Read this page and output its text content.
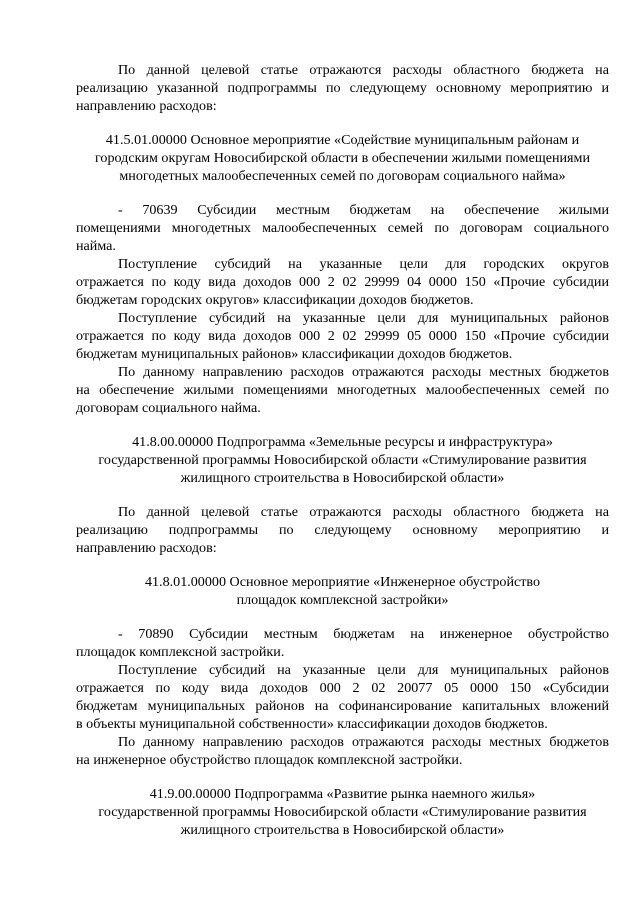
По данной целевой статье отражаются расходы областного бюджета на
реализацию указанной подпрограммы по следующему основному мероприятию и
направлению расходов:
41.5.01.00000 Основное мероприятие «Содействие муниципальным районам и
городским округам Новосибирской области в обеспечении жилыми помещениями
многодетных малообеспеченных семей по договорам социального найма»
- 70639 Субсидии местным бюджетам на обеспечение жилыми
помещениями многодетных малообеспеченных семей по договорам социального
найма.
Поступление субсидий на указанные цели для городских округов
отражается по коду вида доходов 000 2 02 29999 04 0000 150 «Прочие субсидии
бюджетам городских округов» классификации доходов бюджетов.
Поступление субсидий на указанные цели для муниципальных районов
отражается по коду вида доходов 000 2 02 29999 05 0000 150 «Прочие субсидии
бюджетам муниципальных районов» классификации доходов бюджетов.
По данному направлению расходов отражаются расходы местных бюджетов
на обеспечение жилыми помещениями многодетных малообеспеченных семей по
договорам социального найма.
41.8.00.00000 Подпрограмма «Земельные ресурсы и инфраструктура»
государственной программы Новосибирской области «Стимулирование развития
жилищного строительства в Новосибирской области»
По данной целевой статье отражаются расходы областного бюджета на
реализацию подпрограммы по следующему основному мероприятию и
направлению расходов:
41.8.01.00000 Основное мероприятие «Инженерное обустройство
площадок комплексной застройки»
- 70890 Субсидии местным бюджетам на инженерное обустройство
площадок комплексной застройки.
Поступление субсидий на указанные цели для муниципальных районов
отражается по коду вида доходов 000 2 02 20077 05 0000 150 «Субсидии
бюджетам муниципальных районов на софинансирование капитальных вложений
в объекты муниципальной собственности» классификации доходов бюджетов.
По данному направлению расходов отражаются расходы местных бюджетов
на инженерное обустройство площадок комплексной застройки.
41.9.00.00000 Подпрограмма «Развитие рынка наемного жилья»
государственной программы Новосибирской области «Стимулирование развития
жилищного строительства в Новосибирской области»
